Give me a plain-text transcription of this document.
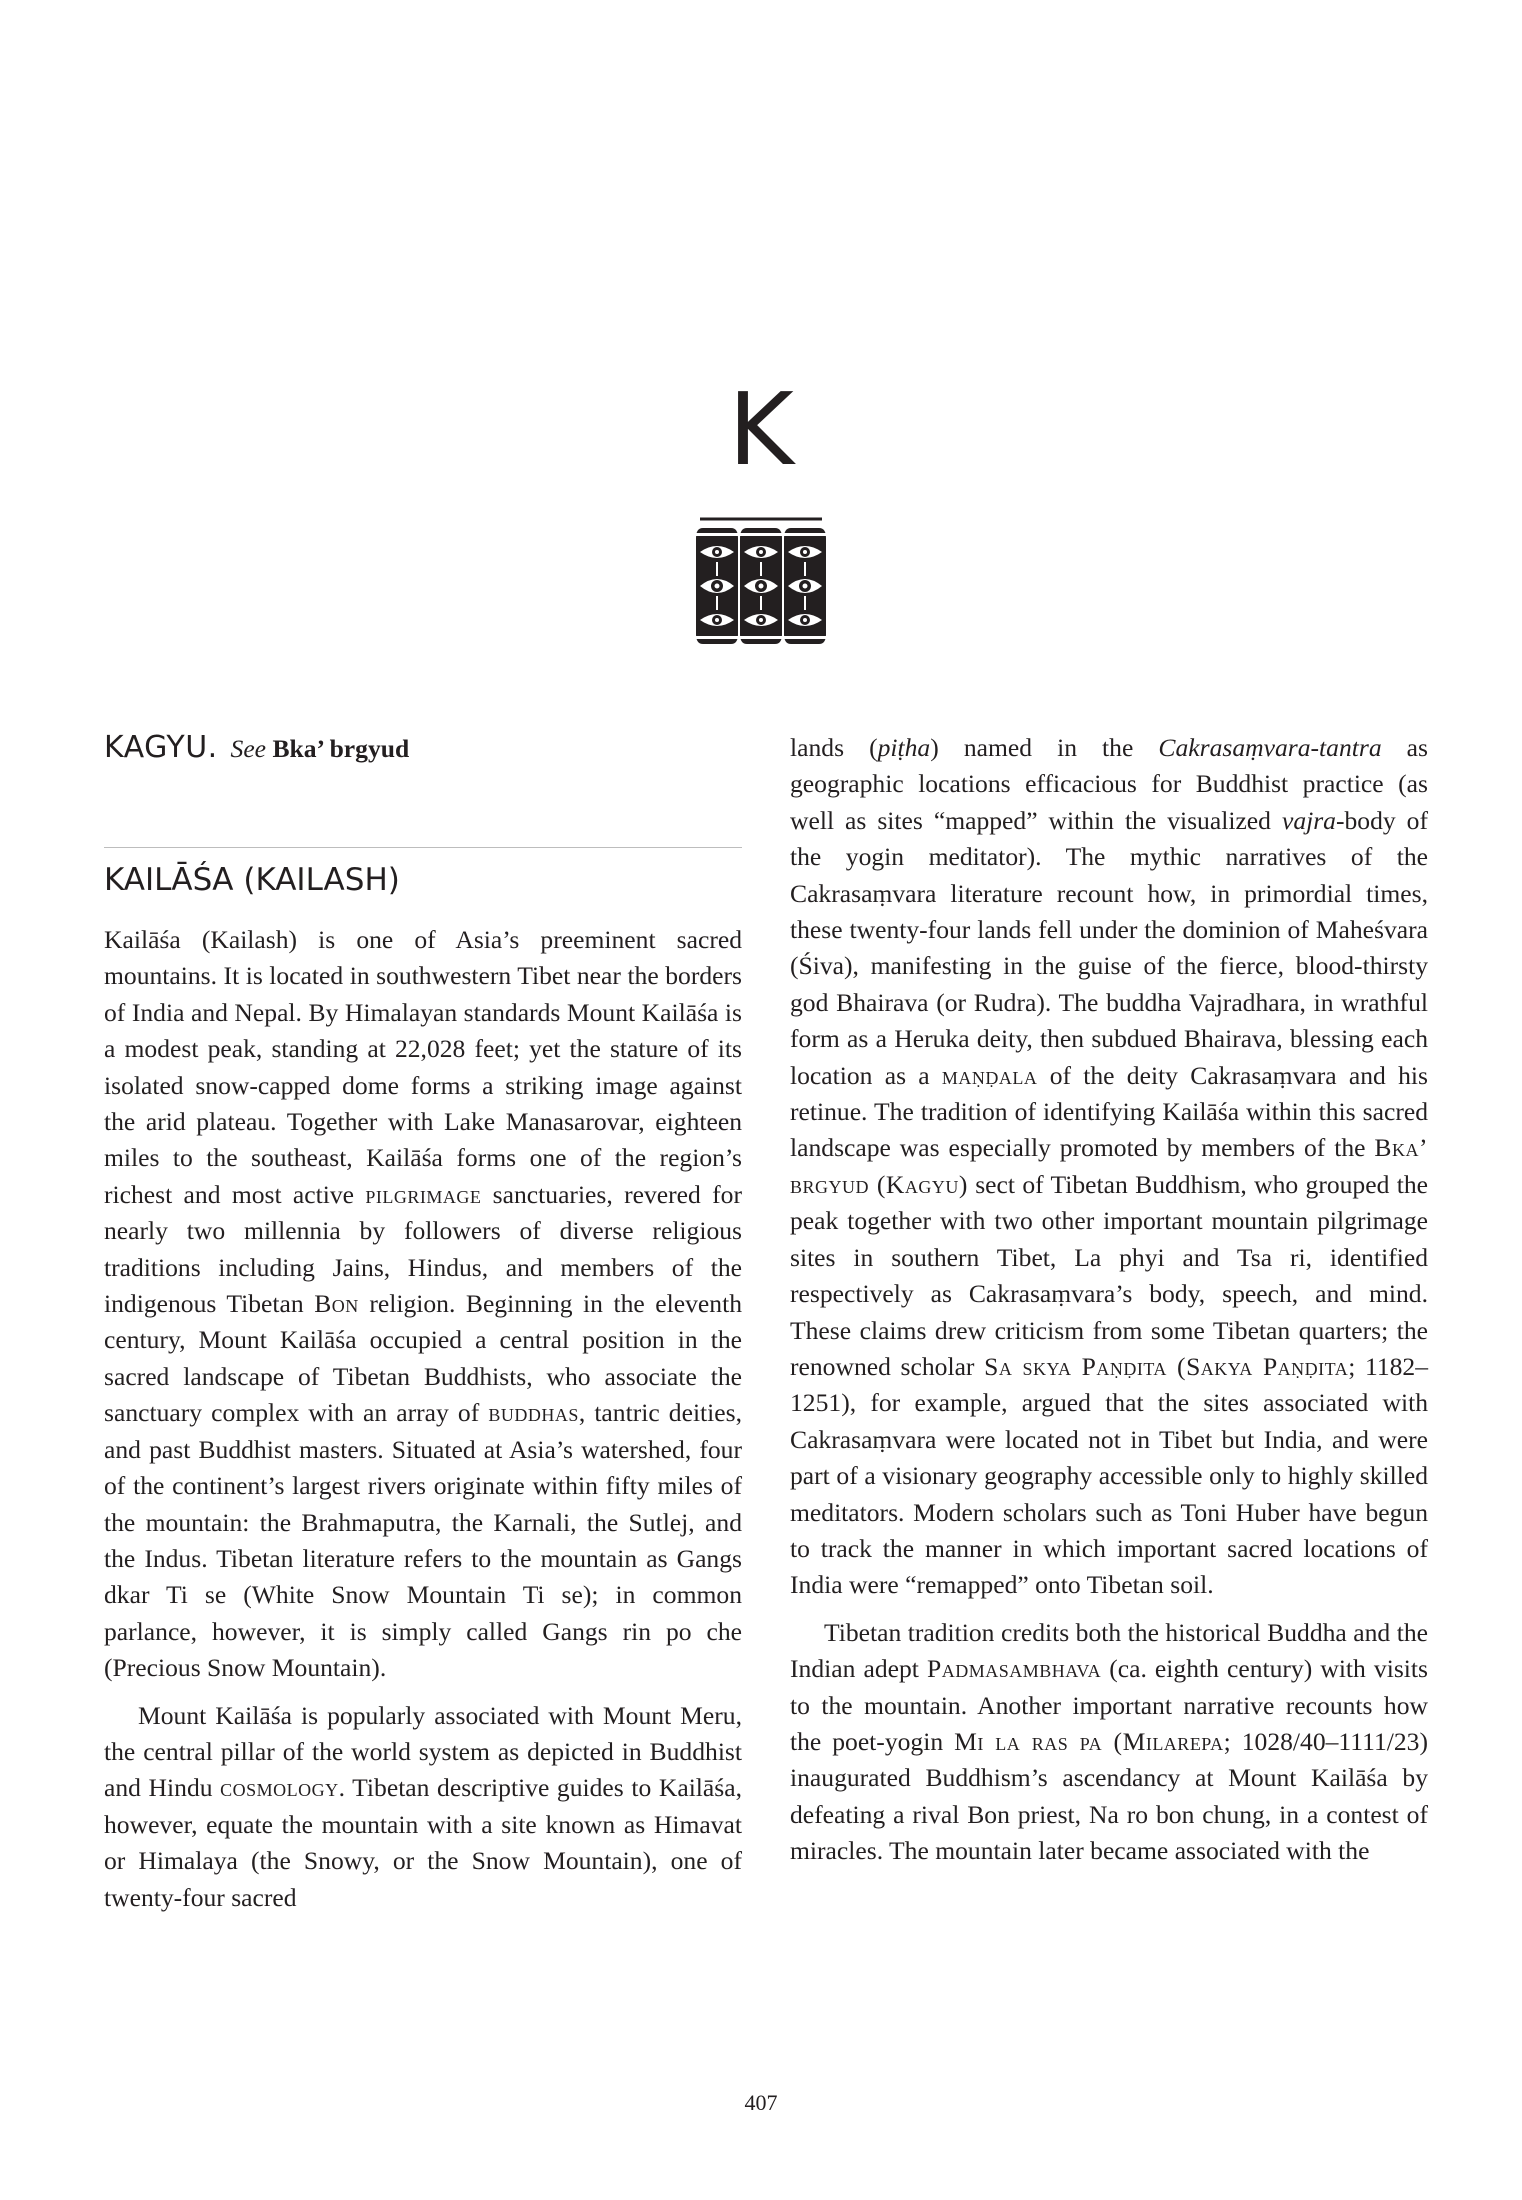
K

KAGYU. See Bka’ brgyud

KAILĀŚA (KAILASH)

Kailāśa (Kailash) is one of Asia’s preeminent sacred mountains. It is located in southwestern Tibet near the borders of India and Nepal. By Himalayan standards Mount Kailāśa is a modest peak, standing at 22,028 feet; yet the stature of its isolated snow-capped dome forms a striking image against the arid plateau. Together with Lake Manasarovar, eighteen miles to the southeast, Kailāśa forms one of the region’s richest and most active pilgrimage sanctuaries, revered for nearly two millennia by followers of diverse religious traditions including Jains, Hindus, and members of the indigenous Tibetan Bon religion. Beginning in the eleventh century, Mount Kailāśa occupied a central position in the sacred landscape of Tibetan Buddhists, who associate the sanctuary complex with an array of buddhas, tantric deities, and past Buddhist masters. Situated at Asia’s watershed, four of the continent’s largest rivers originate within fifty miles of the mountain: the Brahmaputra, the Karnali, the Sutlej, and the Indus. Tibetan literature refers to the mountain as Gangs dkar Ti se (White Snow Mountain Ti se); in common parlance, however, it is simply called Gangs rin po che (Precious Snow Mountain).

Mount Kailāśa is popularly associated with Mount Meru, the central pillar of the world system as depicted in Buddhist and Hindu cosmology. Tibetan descriptive guides to Kailāśa, however, equate the mountain with a site known as Himavat or Himalaya (the Snowy, or the Snow Mountain), one of twenty-four sacred

lands (piṭha) named in the Cakrasaṃvara-tantra as geographic locations efficacious for Buddhist practice (as well as sites “mapped” within the visualized vajra-body of the yogin meditator). The mythic narratives of the Cakrasaṃvara literature recount how, in primordial times, these twenty-four lands fell under the dominion of Maheśvara (Śiva), manifesting in the guise of the fierce, blood-thirsty god Bhairava (or Rudra). The buddha Vajradhara, in wrathful form as a Heruka deity, then subdued Bhairava, blessing each location as a maṇḍala of the deity Cakrasaṃvara and his retinue. The tradition of identifying Kailāśa within this sacred landscape was especially promoted by members of the Bka’ brgyud (Kagyu) sect of Tibetan Buddhism, who grouped the peak together with two other important mountain pilgrimage sites in southern Tibet, La phyi and Tsa ri, identified respectively as Cakrasaṃvara’s body, speech, and mind. These claims drew criticism from some Tibetan quarters; the renowned scholar Sa skya Paṇḍita (Sakya Paṇḍita; 1182–1251), for example, argued that the sites associated with Cakrasaṃvara were located not in Tibet but India, and were part of a visionary geography accessible only to highly skilled meditators. Modern scholars such as Toni Huber have begun to track the manner in which important sacred locations of India were “remapped” onto Tibetan soil.

Tibetan tradition credits both the historical Buddha and the Indian adept Padmasambhava (ca. eighth century) with visits to the mountain. Another important narrative recounts how the poet-yogin Mi la ras pa (Milarepa; 1028/40–1111/23) inaugurated Buddhism’s ascendancy at Mount Kailāśa by defeating a rival Bon priest, Na ro bon chung, in a contest of miracles. The mountain later became associated with the

407
